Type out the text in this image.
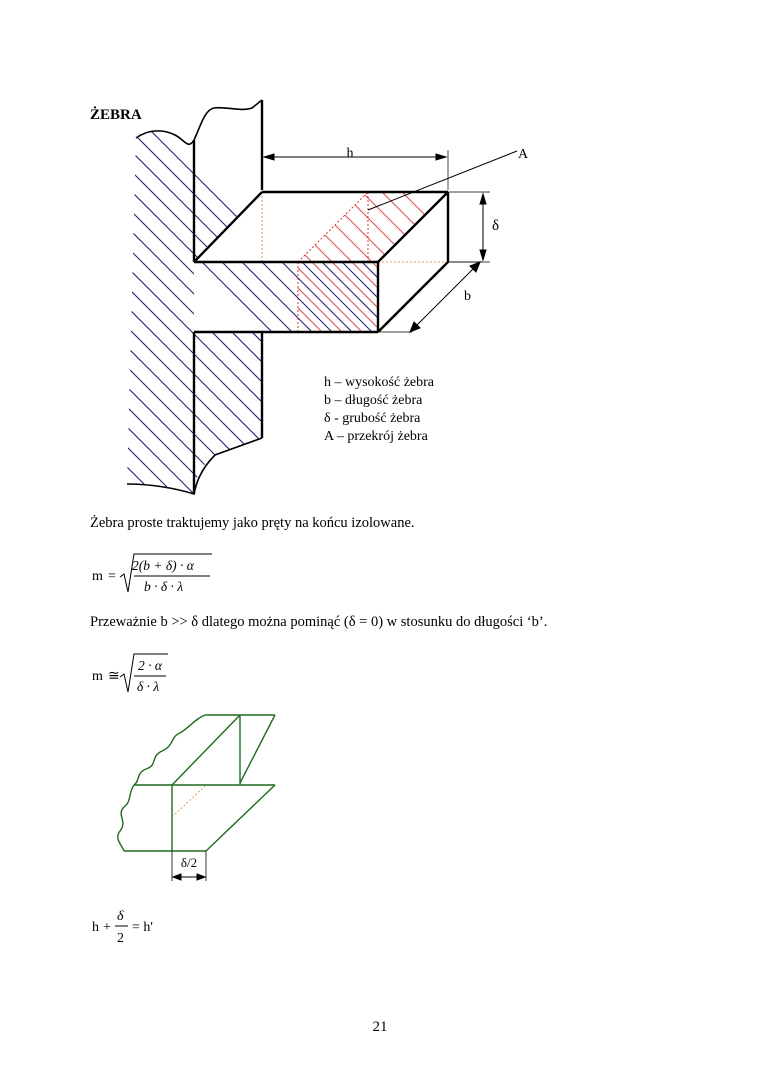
ŻEBRA
h	A
δ
b
h – wysokość żebra
b – długość żebra
δ - grubość żebra
A – przekrój żebra
Żebra proste traktujemy jako pręty na końcu izolowane.
m =
2(b + δ) · α
b · δ · λ
Przeważnie b >> δ dlatego można pominąć (δ = 0) w stosunku do długości ‘b’.
m ≅
2 · α
δ · λ
δ/2
h +
δ
2
= h'
21
